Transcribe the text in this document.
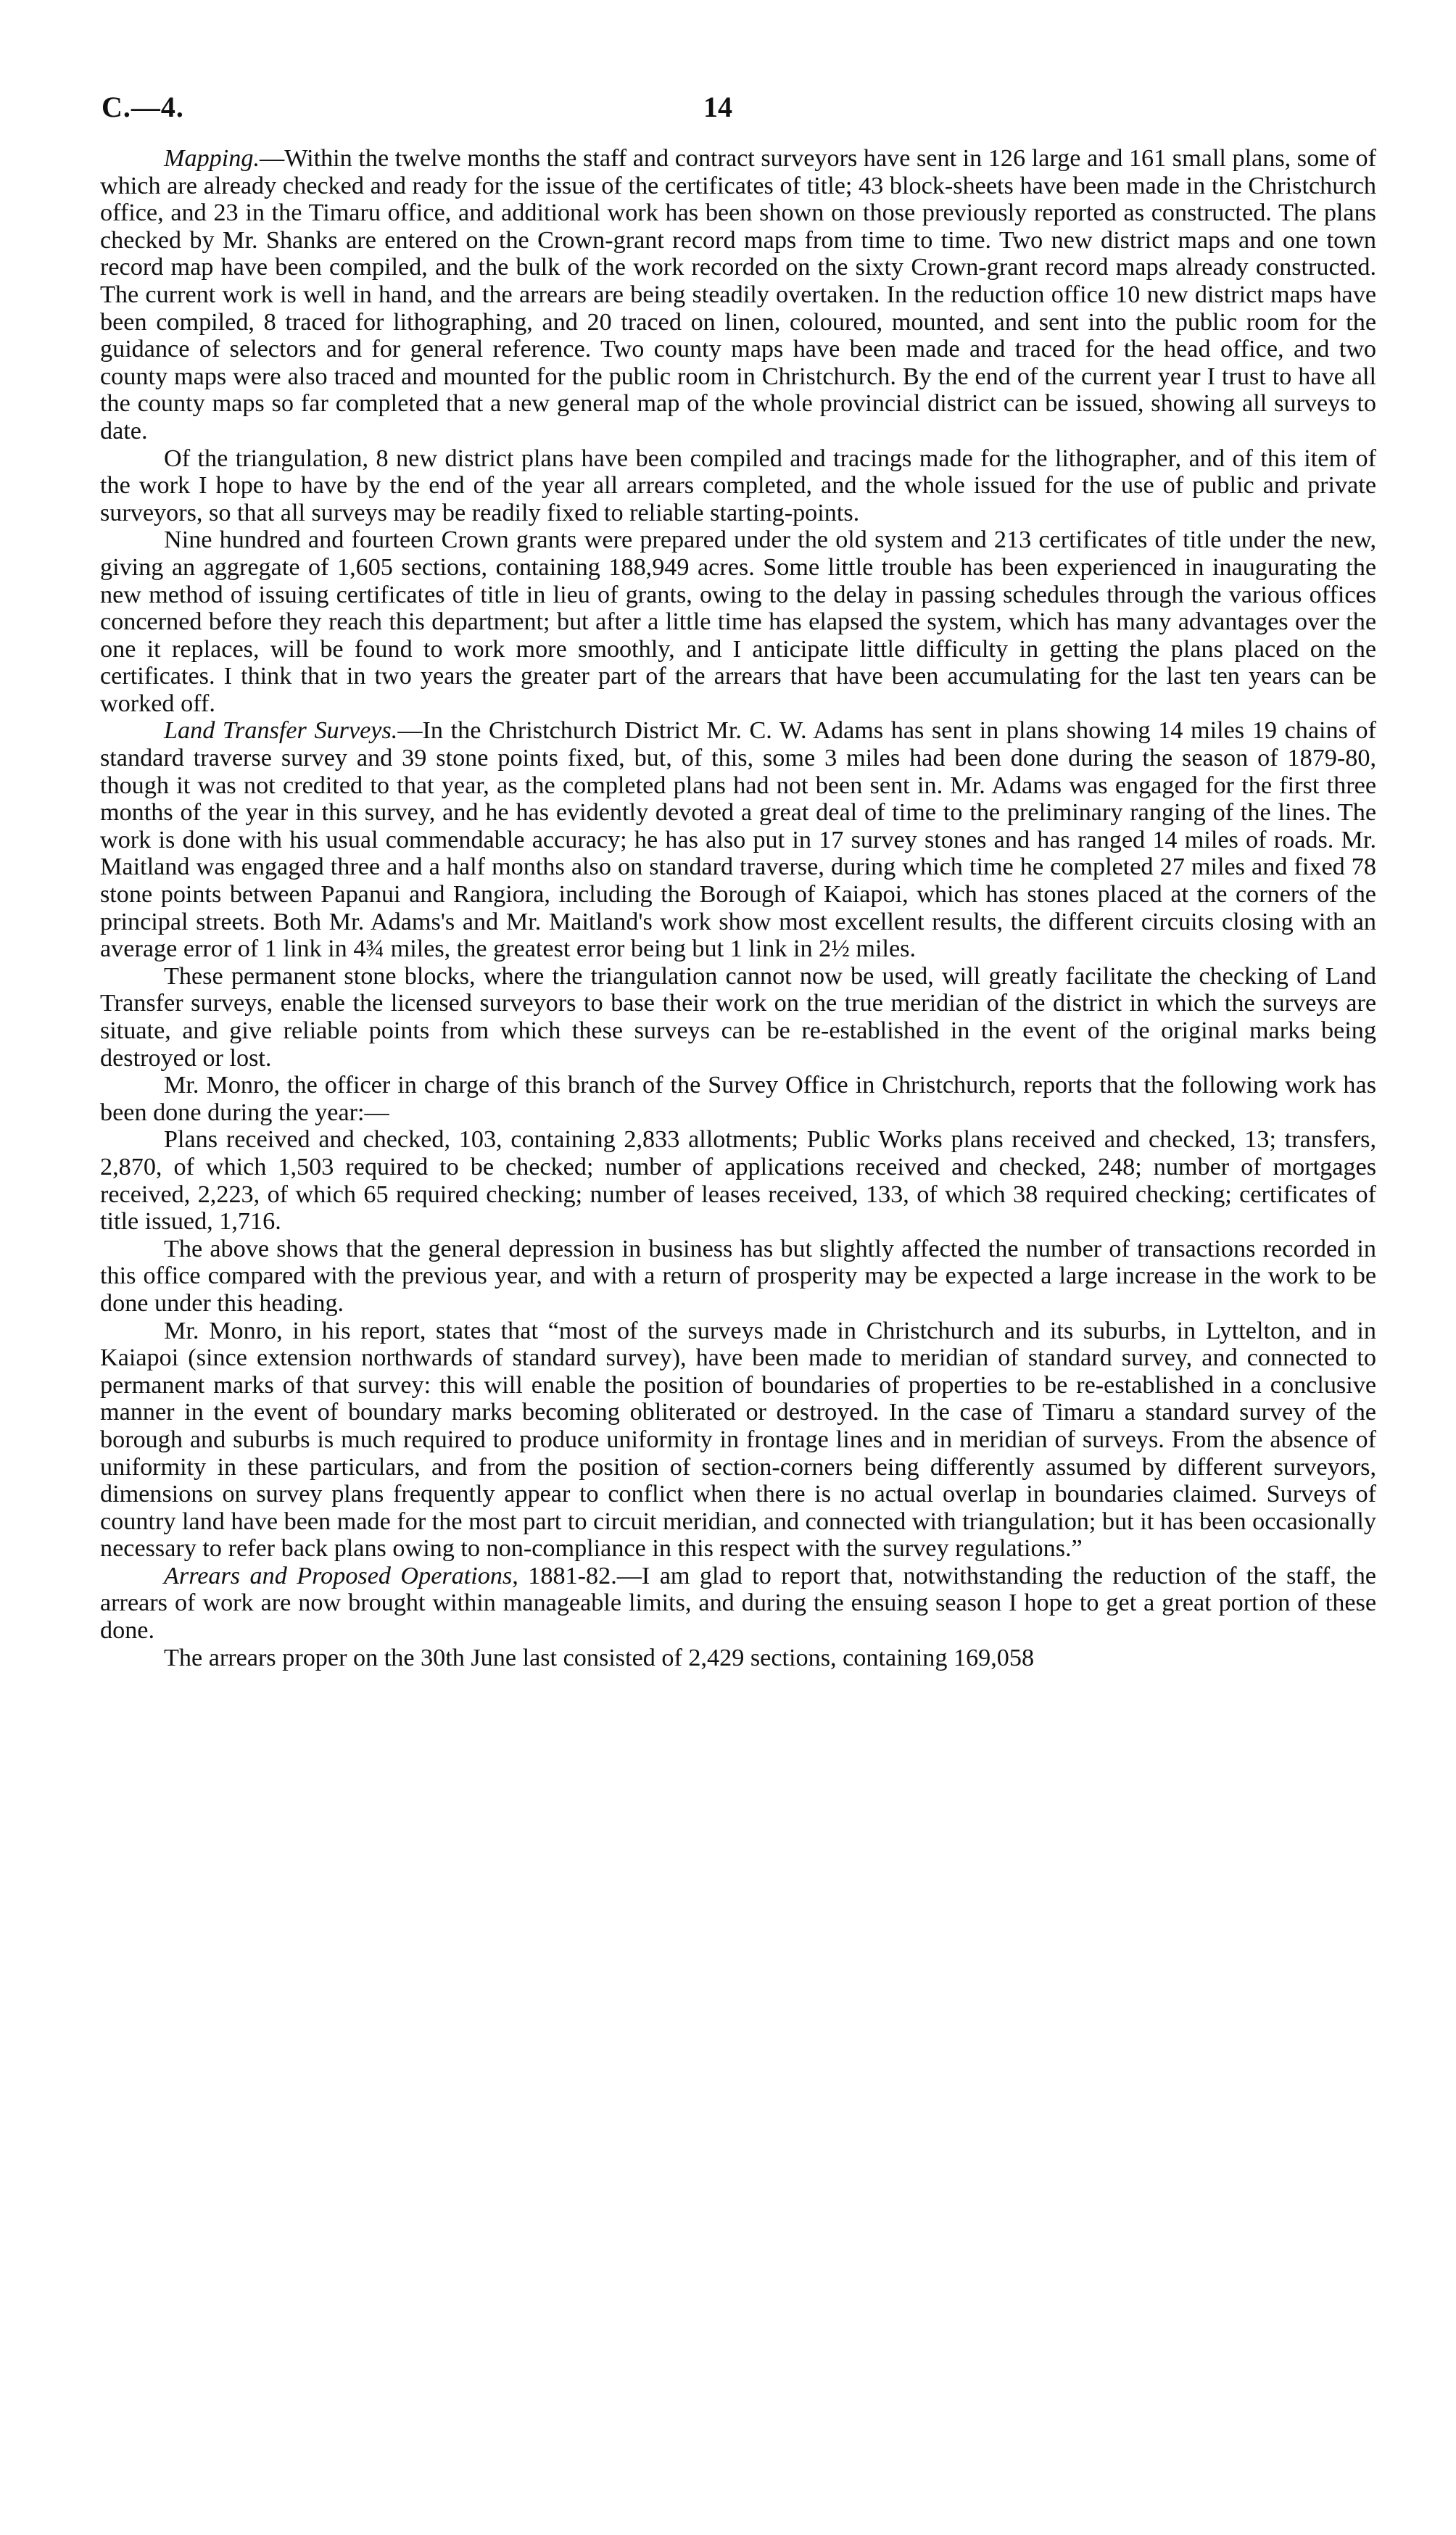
C.—4.	14

Mapping.—Within the twelve months the staff and contract surveyors have sent in 126 large and 161 small plans, some of which are already checked and ready for the issue of the certificates of title; 43 block-sheets have been made in the Christchurch office, and 23 in the Timaru office, and additional work has been shown on those previously reported as constructed. The plans checked by Mr. Shanks are entered on the Crown-grant record maps from time to time. Two new district maps and one town record map have been compiled, and the bulk of the work recorded on the sixty Crown-grant record maps already constructed. The current work is well in hand, and the arrears are being steadily overtaken. In the reduction office 10 new district maps have been compiled, 8 traced for lithographing, and 20 traced on linen, coloured, mounted, and sent into the public room for the guidance of selectors and for general reference. Two county maps have been made and traced for the head office, and two county maps were also traced and mounted for the public room in Christchurch. By the end of the current year I trust to have all the county maps so far completed that a new general map of the whole provincial district can be issued, showing all surveys to date.

Of the triangulation, 8 new district plans have been compiled and tracings made for the lithographer, and of this item of the work I hope to have by the end of the year all arrears completed, and the whole issued for the use of public and private surveyors, so that all surveys may be readily fixed to reliable starting-points.

Nine hundred and fourteen Crown grants were prepared under the old system and 213 certificates of title under the new, giving an aggregate of 1,605 sections, containing 188,949 acres. Some little trouble has been experienced in inaugurating the new method of issuing certificates of title in lieu of grants, owing to the delay in passing schedules through the various offices concerned before they reach this department; but after a little time has elapsed the system, which has many advantages over the one it replaces, will be found to work more smoothly, and I anticipate little difficulty in getting the plans placed on the certificates. I think that in two years the greater part of the arrears that have been accumulating for the last ten years can be worked off.

Land Transfer Surveys.—In the Christchurch District Mr. C. W. Adams has sent in plans showing 14 miles 19 chains of standard traverse survey and 39 stone points fixed, but, of this, some 3 miles had been done during the season of 1879-80, though it was not credited to that year, as the completed plans had not been sent in. Mr. Adams was engaged for the first three months of the year in this survey, and he has evidently devoted a great deal of time to the preliminary ranging of the lines. The work is done with his usual commendable accuracy; he has also put in 17 survey stones and has ranged 14 miles of roads. Mr. Maitland was engaged three and a half months also on standard traverse, during which time he completed 27 miles and fixed 78 stone points between Papanui and Rangiora, including the Borough of Kaiapoi, which has stones placed at the corners of the principal streets. Both Mr. Adams's and Mr. Maitland's work show most excellent results, the different circuits closing with an average error of 1 link in 4¾ miles, the greatest error being but 1 link in 2½ miles.

These permanent stone blocks, where the triangulation cannot now be used, will greatly facilitate the checking of Land Transfer surveys, enable the licensed surveyors to base their work on the true meridian of the district in which the surveys are situate, and give reliable points from which these surveys can be re-established in the event of the original marks being destroyed or lost.

Mr. Monro, the officer in charge of this branch of the Survey Office in Christchurch, reports that the following work has been done during the year:—

Plans received and checked, 103, containing 2,833 allotments; Public Works plans received and checked, 13; transfers, 2,870, of which 1,503 required to be checked; number of applications received and checked, 248; number of mortgages received, 2,223, of which 65 required checking; number of leases received, 133, of which 38 required checking; certificates of title issued, 1,716.

The above shows that the general depression in business has but slightly affected the number of transactions recorded in this office compared with the previous year, and with a return of prosperity may be expected a large increase in the work to be done under this heading.

Mr. Monro, in his report, states that “most of the surveys made in Christchurch and its suburbs, in Lyttelton, and in Kaiapoi (since extension northwards of standard survey), have been made to meridian of standard survey, and connected to permanent marks of that survey: this will enable the position of boundaries of properties to be re-established in a conclusive manner in the event of boundary marks becoming obliterated or destroyed. In the case of Timaru a standard survey of the borough and suburbs is much required to produce uniformity in frontage lines and in meridian of surveys. From the absence of uniformity in these particulars, and from the position of section-corners being differently assumed by different surveyors, dimensions on survey plans frequently appear to conflict when there is no actual overlap in boundaries claimed. Surveys of country land have been made for the most part to circuit meridian, and connected with triangulation; but it has been occasionally necessary to refer back plans owing to non-compliance in this respect with the survey regulations.”

Arrears and Proposed Operations, 1881-82.—I am glad to report that, notwithstanding the reduction of the staff, the arrears of work are now brought within manageable limits, and during the ensuing season I hope to get a great portion of these done.

The arrears proper on the 30th June last consisted of 2,429 sections, containing 169,058
